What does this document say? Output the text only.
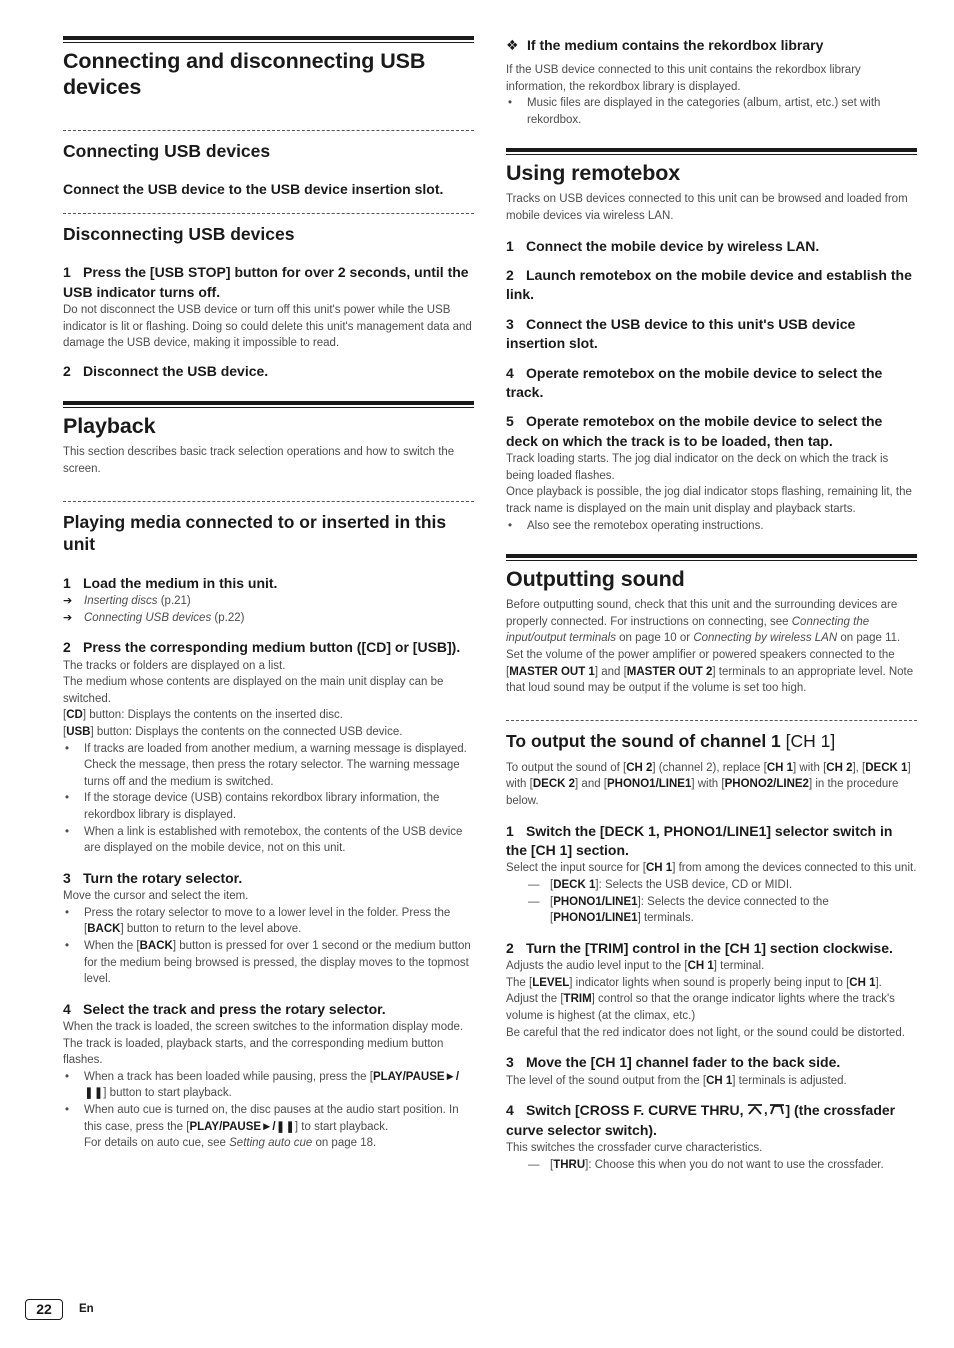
Connecting and disconnecting USB devices
Connecting USB devices
Connect the USB device to the USB device insertion slot.
Disconnecting USB devices
1 Press the [USB STOP] button for over 2 seconds, until the USB indicator turns off.
Do not disconnect the USB device or turn off this unit's power while the USB indicator is lit or flashing. Doing so could delete this unit's management data and damage the USB device, making it impossible to read.
2 Disconnect the USB device.
Playback
This section describes basic track selection operations and how to switch the screen.
Playing media connected to or inserted in this unit
1 Load the medium in this unit.
➔ Inserting discs (p.21)
➔ Connecting USB devices (p.22)
2 Press the corresponding medium button ([CD] or [USB]).
The tracks or folders are displayed on a list.
The medium whose contents are displayed on the main unit display can be switched.
[CD] button: Displays the contents on the inserted disc.
[USB] button: Displays the contents on the connected USB device.
• If tracks are loaded from another medium, a warning message is displayed. Check the message, then press the rotary selector. The warning message turns off and the medium is switched.
• If the storage device (USB) contains rekordbox library information, the rekordbox library is displayed.
• When a link is established with remotebox, the contents of the USB device are displayed on the mobile device, not on this unit.
3 Turn the rotary selector.
Move the cursor and select the item.
• Press the rotary selector to move to a lower level in the folder. Press the [BACK] button to return to the level above.
• When the [BACK] button is pressed for over 1 second or the medium button for the medium being browsed is pressed, the display moves to the topmost level.
4 Select the track and press the rotary selector.
When the track is loaded, the screen switches to the information display mode.
The track is loaded, playback starts, and the corresponding medium button flashes.
• When a track has been loaded while pausing, press the [PLAY/PAUSE►/❚❚] button to start playback.
• When auto cue is turned on, the disc pauses at the audio start position. In this case, press the [PLAY/PAUSE►/❚❚] to start playback.
For details on auto cue, see Setting auto cue on page 18.
❖ If the medium contains the rekordbox library
If the USB device connected to this unit contains the rekordbox library information, the rekordbox library is displayed.
• Music files are displayed in the categories (album, artist, etc.) set with rekordbox.
Using remotebox
Tracks on USB devices connected to this unit can be browsed and loaded from mobile devices via wireless LAN.
1 Connect the mobile device by wireless LAN.
2 Launch remotebox on the mobile device and establish the link.
3 Connect the USB device to this unit's USB device insertion slot.
4 Operate remotebox on the mobile device to select the track.
5 Operate remotebox on the mobile device to select the deck on which the track is to be loaded, then tap.
Track loading starts. The jog dial indicator on the deck on which the track is being loaded flashes.
Once playback is possible, the jog dial indicator stops flashing, remaining lit, the track name is displayed on the main unit display and playback starts.
• Also see the remotebox operating instructions.
Outputting sound
Before outputting sound, check that this unit and the surrounding devices are properly connected. For instructions on connecting, see Connecting the input/output terminals on page 10 or Connecting by wireless LAN on page 11.
Set the volume of the power amplifier or powered speakers connected to the [MASTER OUT 1] and [MASTER OUT 2] terminals to an appropriate level. Note that loud sound may be output if the volume is set too high.
To output the sound of channel 1 [CH 1]
To output the sound of [CH 2] (channel 2), replace [CH 1] with [CH 2], [DECK 1] with [DECK 2] and [PHONO1/LINE1] with [PHONO2/LINE2] in the procedure below.
1 Switch the [DECK 1, PHONO1/LINE1] selector switch in the [CH 1] section.
Select the input source for [CH 1] from among the devices connected to this unit.
— [DECK 1]: Selects the USB device, CD or MIDI.
— [PHONO1/LINE1]: Selects the device connected to the [PHONO1/LINE1] terminals.
2 Turn the [TRIM] control in the [CH 1] section clockwise.
Adjusts the audio level input to the [CH 1] terminal.
The [LEVEL] indicator lights when sound is properly being input to [CH 1].
Adjust the [TRIM] control so that the orange indicator lights where the track's volume is highest (at the climax, etc.)
Be careful that the red indicator does not light, or the sound could be distorted.
3 Move the [CH 1] channel fader to the back side.
The level of the sound output from the [CH 1] terminals is adjusted.
4 Switch [CROSS F. CURVE THRU, , ] (the crossfader curve selector switch).
This switches the crossfader curve characteristics.
— [THRU]: Choose this when you do not want to use the crossfader.
22	En
